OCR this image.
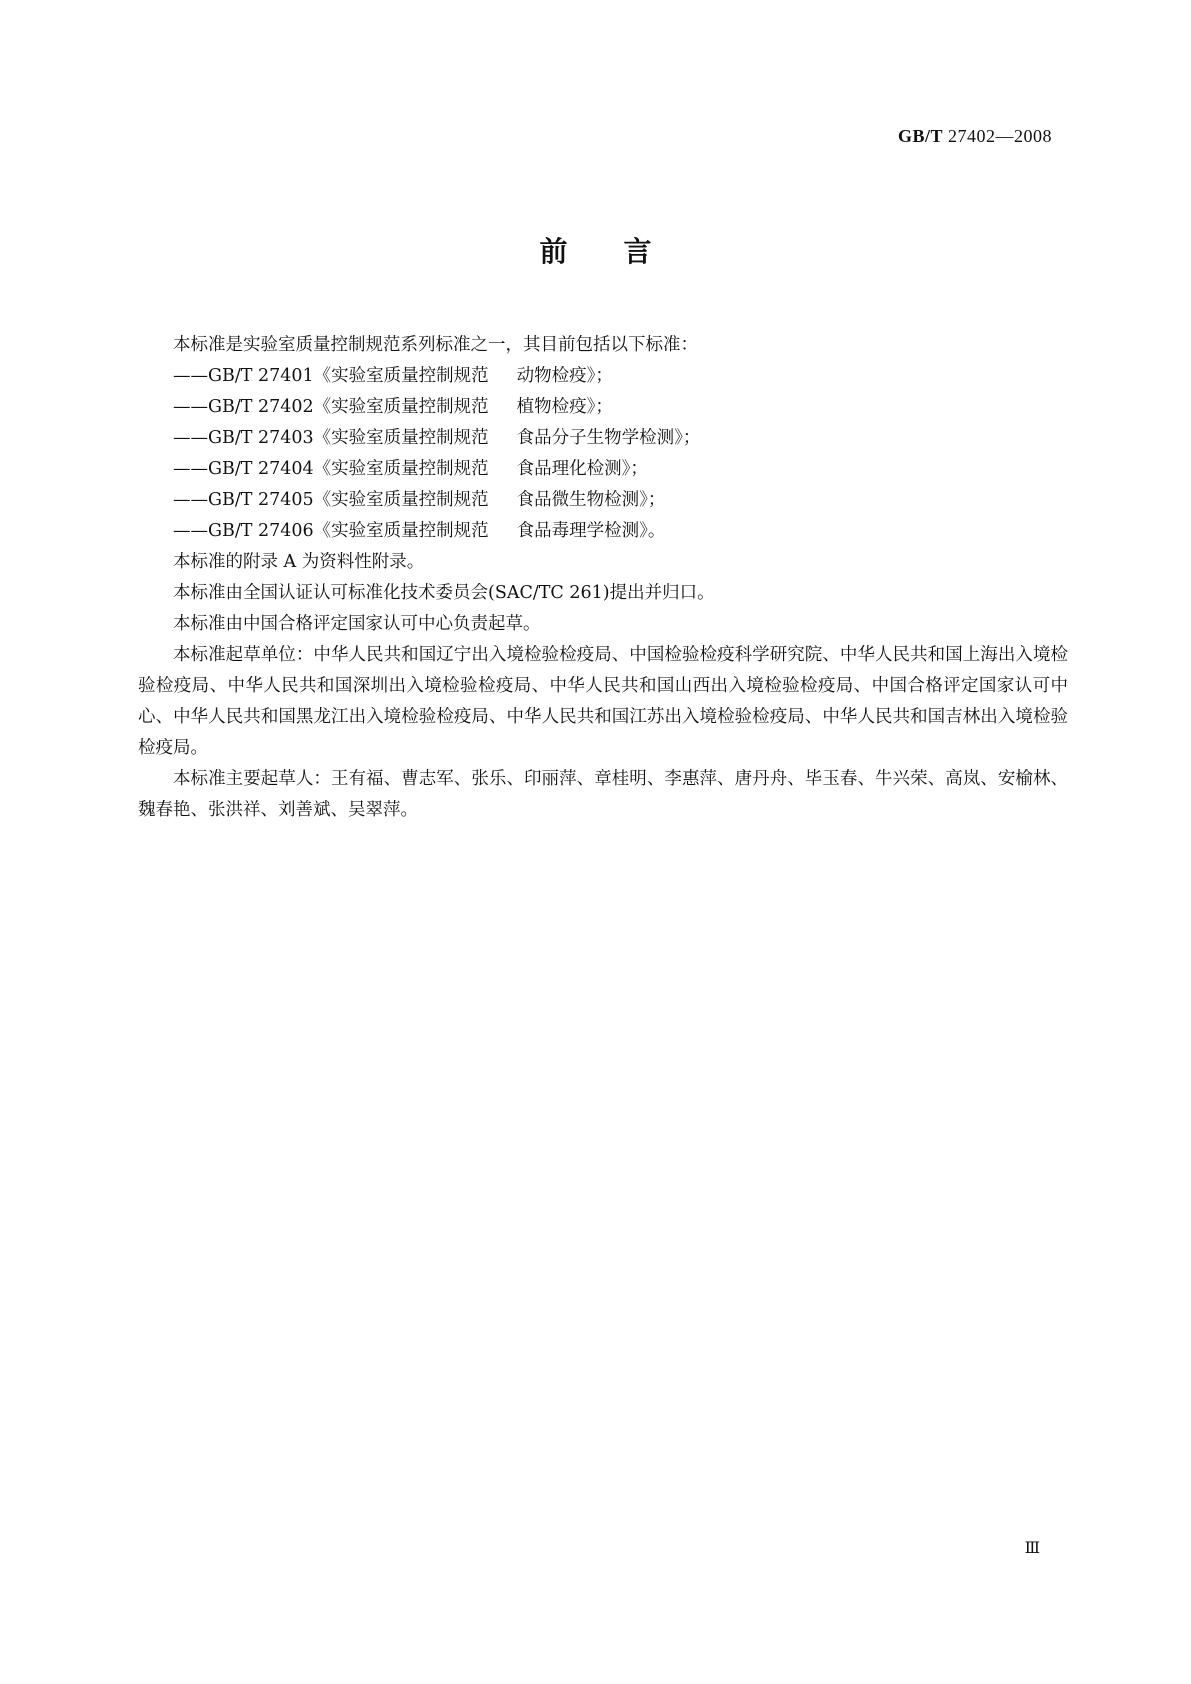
GB/T 27402—2008
前言

本标准是实验室质量控制规范系列标准之一，其目前包括以下标准：

——GB/T 27401《实验室质量控制规范 动物检疫》；
——GB/T 27402《实验室质量控制规范 植物检疫》；
——GB/T 27403《实验室质量控制规范 食品分子生物学检测》；
——GB/T 27404《实验室质量控制规范 食品理化检测》；
——GB/T 27405《实验室质量控制规范 食品微生物检测》；
——GB/T 27406《实验室质量控制规范 食品毒理学检测》。

本标准的附录 A 为资料性附录。

本标准由全国认证认可标准化技术委员会(SAC/TC 261)提出并归口。

本标准由中国合格评定国家认可中心负责起草。

本标准起草单位：中华人民共和国辽宁出入境检验检疫局、中国检验检疫科学研究院、中华人民共和国上海出入境检验检疫局、中华人民共和国深圳出入境检验检疫局、中华人民共和国山西出入境检验检疫局、中国合格评定国家认可中心、中华人民共和国黑龙江出入境检验检疫局、中华人民共和国江苏出入境检验检疫局、中华人民共和国吉林出入境检验检疫局。

本标准主要起草人：王有福、曹志军、张乐、印丽萍、章桂明、李惠萍、唐丹舟、毕玉春、牛兴荣、高岚、安榆林、魏春艳、张洪祥、刘善斌、吴翠萍。

Ⅲ
